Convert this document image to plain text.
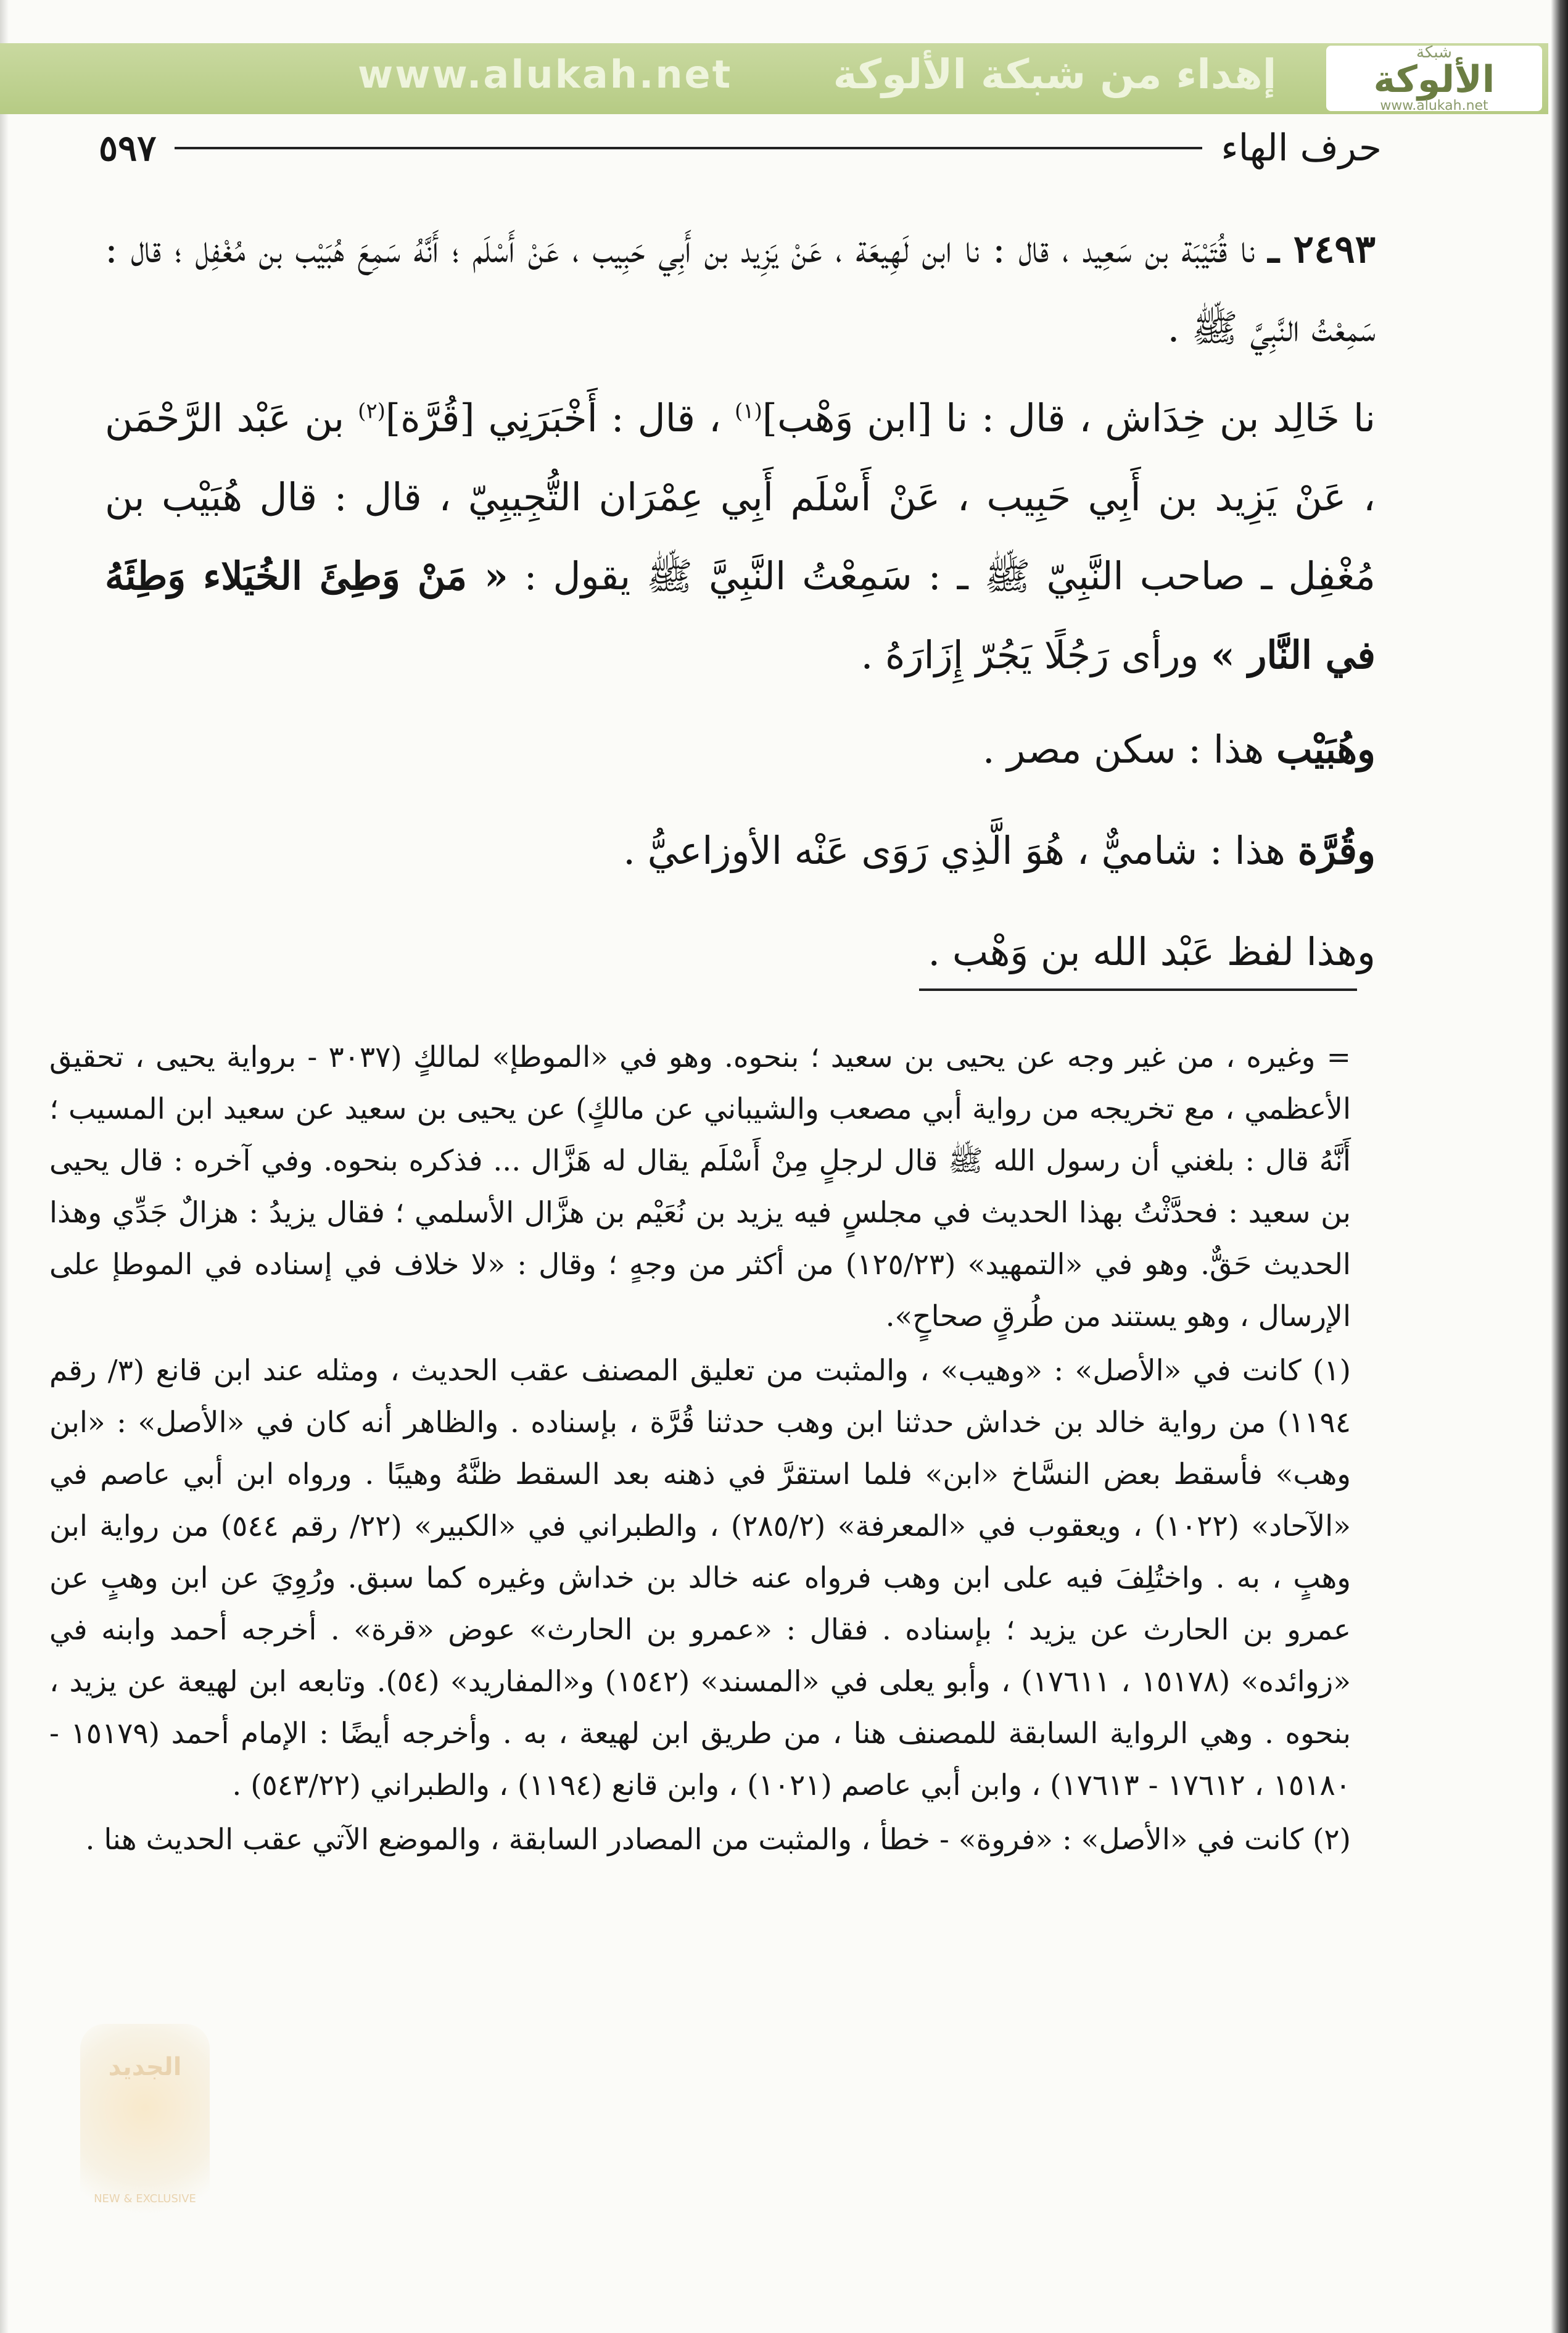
www.alukah.net	إهداء من شبكة الألوكة	شبكة
الألوكة
www.alukah.net
حرف الهاء
٥٩٧

٢٤٩٣ ـ نا قُتَيْبَة بن سَعِيد ، قال : نا ابن لَهِيعَة ، عَنْ يَزِيد بن أَبِي حَبِيب ، عَنْ أَسْلَم ؛ أَنَّهُ سَمِعَ هُبَيْب بن مُغْفِل ؛ قال : سَمِعْتُ النَّبِيَّ ﷺ .

نا خَالِد بن خِدَاش ، قال : نا [ابن وَهْب]$^{(١)}$ ، قال : أَخْبَرَنِي [قُرَّة]$^{(٢)}$ بن عَبْد الرَّحْمَن ، عَنْ يَزِيد بن أَبِي حَبِيب ، عَنْ أَسْلَم أَبِي عِمْرَان التُّجِيبِيّ ، قال : قال هُبَيْب بن مُغْفِل ـ صاحب النَّبِيّ ﷺ ـ : سَمِعْتُ النَّبِيَّ ﷺ يقول : « مَنْ وَطِئَ الخُيَلاء وَطِئَهُ في النَّار » ورأى رَجُلًا يَجُرّ إِزَارَهُ .

وهُبَيْب هذا : سكن مصر .

وقُرَّة هذا : شاميٌّ ، هُوَ الَّذِي رَوَى عَنْه الأوزاعيُّ .

وهذا لفظ عَبْد الله بن وَهْب .

= وغيره ، من غير وجه عن يحيى بن سعيد ؛ بنحوه. وهو في «الموطإ» لمالكٍ (٣٠٣٧ - برواية يحيى ، تحقيق الأعظمي ، مع تخريجه من رواية أبي مصعب والشيباني عن مالكٍ) عن يحيى بن سعيد عن سعيد ابن المسيب ؛ أَنَّهُ قال : بلغني أن رسول الله ﷺ قال لرجلٍ مِنْ أَسْلَم يقال له هَزَّال ... فذكره بنحوه. وفي آخره : قال يحيى بن سعيد : فحدَّثْتُ بهذا الحديث في مجلسٍ فيه يزيد بن نُعَيْم بن هزَّال الأسلمي ؛ فقال يزيدُ : هزالٌ جَدِّي وهذا الحديث حَقٌّ. وهو في «التمهيد» (١٢٥/٢٣) من أكثر من وجهٍ ؛ وقال : «لا خلاف في إسناده في الموطإ على الإرسال ، وهو يستند من طُرقٍ صحاحٍ».

(١) كانت في «الأصل» : «وهيب» ، والمثبت من تعليق المصنف عقب الحديث ، ومثله عند ابن قانع (٣/ رقم ١١٩٤) من رواية خالد بن خداش حدثنا ابن وهب حدثنا قُرَّة ، بإسناده . والظاهر أنه كان في «الأصل» : «ابن وهب» فأسقط بعض النسَّاخ «ابن» فلما استقرَّ في ذهنه بعد السقط ظنَّهُ وهيبًا . ورواه ابن أبي عاصم في «الآحاد» (١٠٢٢) ، ويعقوب في «المعرفة» (٢٨٥/٢) ، والطبراني في «الكبير» (٢٢/ رقم ٥٤٤) من رواية ابن وهبٍ ، به . واختُلِفَ فيه على ابن وهب فرواه عنه خالد بن خداش وغيره كما سبق. ورُوِيَ عن ابن وهبٍ عن عمرو بن الحارث عن يزيد ؛ بإسناده . فقال : «عمرو بن الحارث» عوض «قرة» . أخرجه أحمد وابنه في «زوائده» (١٥١٧٨ ، ١٧٦١١) ، وأبو يعلى في «المسند» (١٥٤٢) و«المفاريد» (٥٤). وتابعه ابن لهيعة عن يزيد ، بنحوه . وهي الرواية السابقة للمصنف هنا ، من طريق ابن لهيعة ، به . وأخرجه أيضًا : الإمام أحمد (١٥١٧٩ - ١٥١٨٠ ، ١٧٦١٢ - ١٧٦١٣) ، وابن أبي عاصم (١٠٢١) ، وابن قانع (١١٩٤) ، والطبراني (٥٤٣/٢٢) .

(٢) كانت في «الأصل» : «فروة» - خطأ ، والمثبت من المصادر السابقة ، والموضع الآتي عقب الحديث هنا .

الجديد
NEW & EXCLUSIVE
